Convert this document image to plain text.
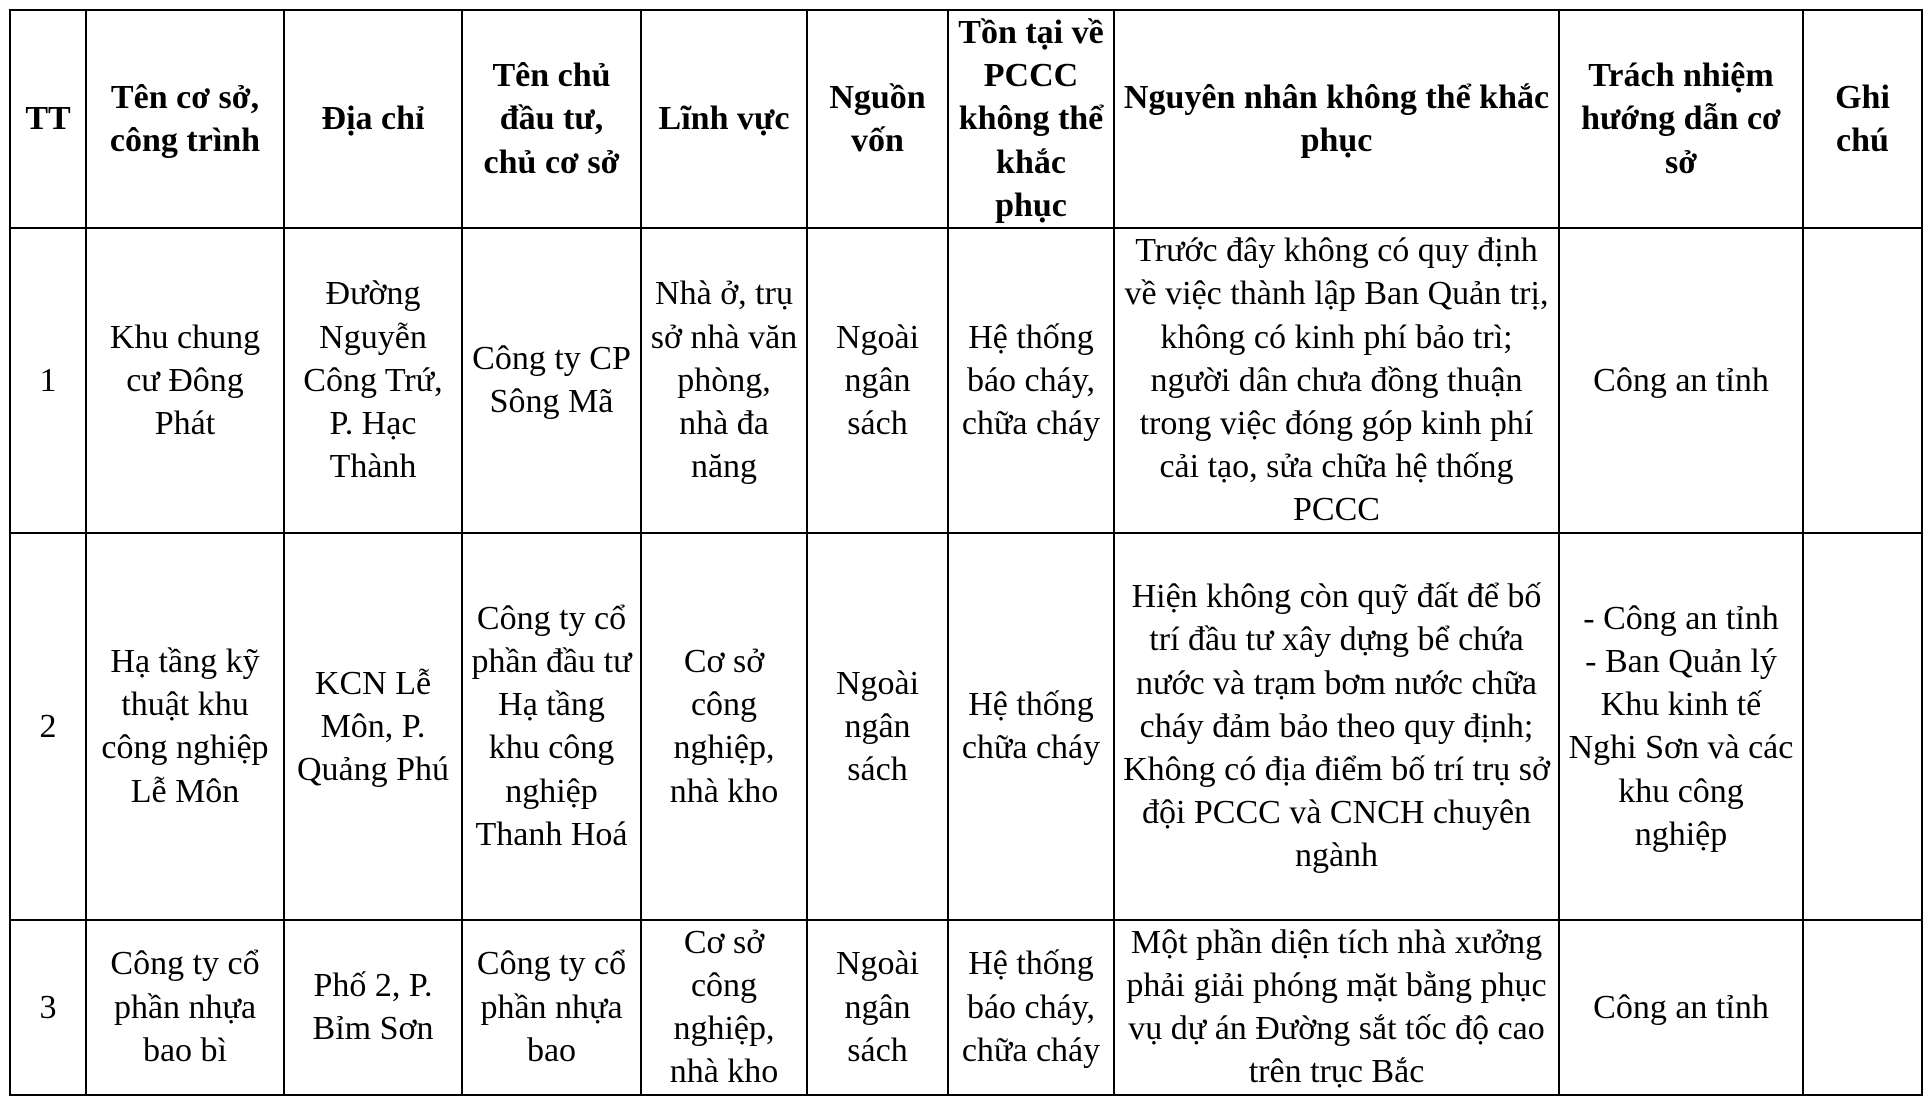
TT	Tên cơ sở, công trình	Địa chỉ	Tên chủ đầu tư, chủ cơ sở	Lĩnh vực	Nguồn vốn	Tồn tại về PCCC không thể khắc phục	Nguyên nhân không thể khắc phục	Trách nhiệm hướng dẫn cơ sở	Ghi chú
1	Khu chung cư Đông Phát	Đường Nguyễn Công Trứ, P. Hạc Thành	Công ty CP Sông Mã	Nhà ở, trụ sở nhà văn phòng, nhà đa năng	Ngoài ngân sách	Hệ thống báo cháy, chữa cháy	Trước đây không có quy định về việc thành lập Ban Quản trị, không có kinh phí bảo trì; người dân chưa đồng thuận trong việc đóng góp kinh phí cải tạo, sửa chữa hệ thống PCCC	Công an tỉnh	

2	Hạ tầng kỹ thuật khu công nghiệp Lễ Môn	KCN Lễ Môn, P. Quảng Phú	Công ty cổ phần đầu tư Hạ tầng khu công nghiệp Thanh Hoá	Cơ sở công nghiệp, nhà kho	Ngoài ngân sách	Hệ thống chữa cháy	Hiện không còn quỹ đất để bố trí đầu tư xây dựng bể chứa nước và trạm bơm nước chữa cháy đảm bảo theo quy định; Không có địa điểm bố trí trụ sở đội PCCC và CNCH chuyên ngành	- Công an tỉnh
- Ban Quản lý Khu kinh tế Nghi Sơn và các khu công nghiệp	

3	Công ty cổ phần nhựa bao bì	Phố 2, P. Bỉm Sơn	Công ty cổ phần nhựa bao	Cơ sở công nghiệp, nhà kho	Ngoài ngân sách	Hệ thống báo cháy, chữa cháy	Một phần diện tích nhà xưởng phải giải phóng mặt bằng phục vụ dự án Đường sắt tốc độ cao trên trục Bắc	Công an tỉnh	
